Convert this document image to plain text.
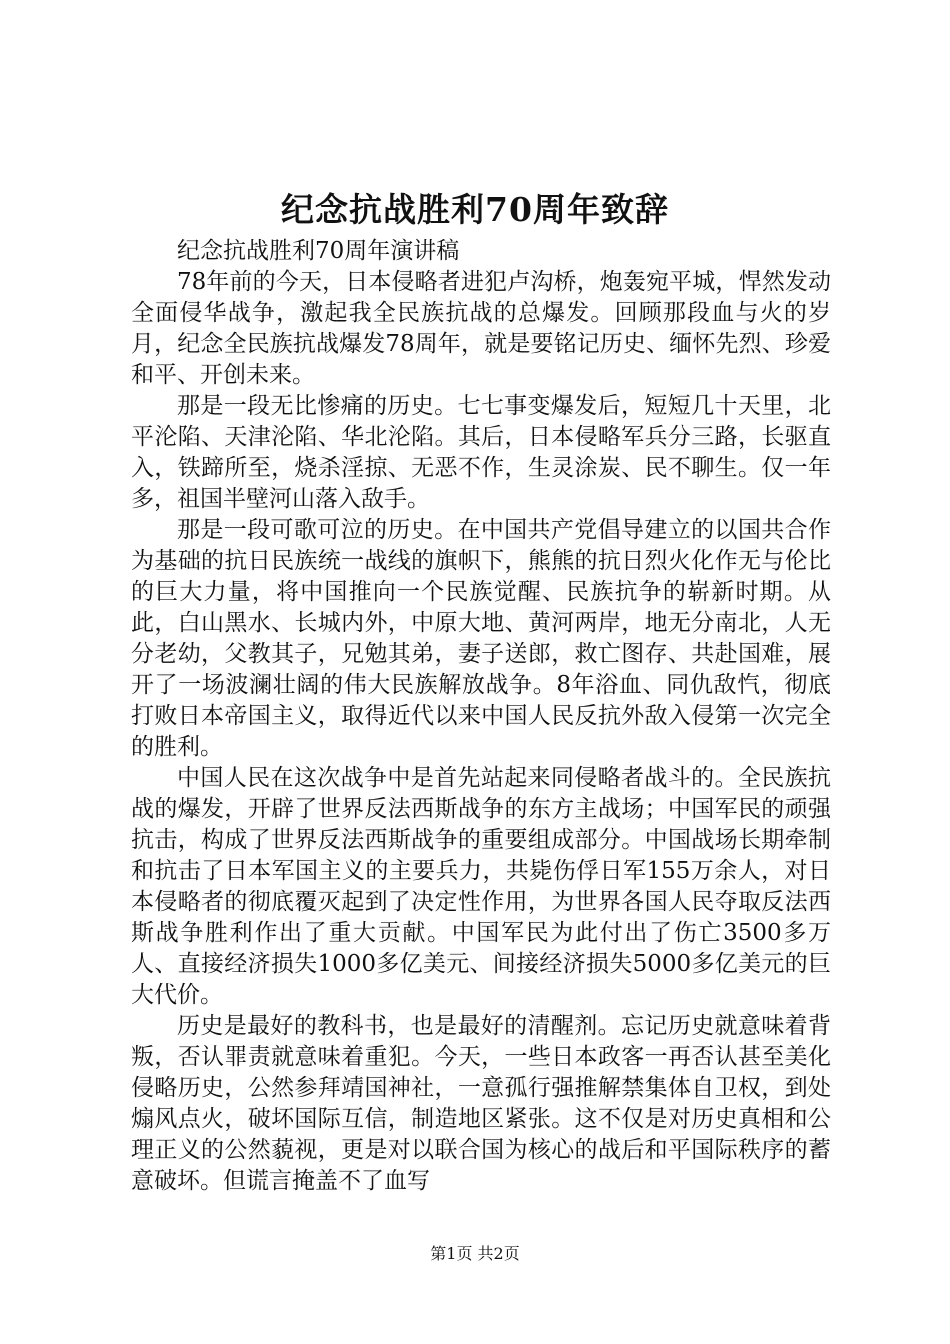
纪念抗战胜利70周年致辞

纪念抗战胜利70周年演讲稿

78年前的今天，日本侵略者进犯卢沟桥，炮轰宛平城，悍然发动全面侵华战争，激起我全民族抗战的总爆发。回顾那段血与火的岁月，纪念全民族抗战爆发78周年，就是要铭记历史、缅怀先烈、珍爱和平、开创未来。

那是一段无比惨痛的历史。七七事变爆发后，短短几十天里，北平沦陷、天津沦陷、华北沦陷。其后，日本侵略军兵分三路，长驱直入，铁蹄所至，烧杀淫掠、无恶不作，生灵涂炭、民不聊生。仅一年多，祖国半壁河山落入敌手。

那是一段可歌可泣的历史。在中国共产党倡导建立的以国共合作为基础的抗日民族统一战线的旗帜下，熊熊的抗日烈火化作无与伦比的巨大力量，将中国推向一个民族觉醒、民族抗争的崭新时期。从此，白山黑水、长城内外，中原大地、黄河两岸，地无分南北，人无分老幼，父教其子，兄勉其弟，妻子送郎，救亡图存、共赴国难，展开了一场波澜壮阔的伟大民族解放战争。8年浴血、同仇敌忾，彻底打败日本帝国主义，取得近代以来中国人民反抗外敌入侵第一次完全的胜利。

中国人民在这次战争中是首先站起来同侵略者战斗的。全民族抗战的爆发，开辟了世界反法西斯战争的东方主战场；中国军民的顽强抗击，构成了世界反法西斯战争的重要组成部分。中国战场长期牵制和抗击了日本军国主义的主要兵力，共毙伤俘日军155万余人，对日本侵略者的彻底覆灭起到了决定性作用，为世界各国人民夺取反法西斯战争胜利作出了重大贡献。中国军民为此付出了伤亡3500多万人、直接经济损失1000多亿美元、间接经济损失5000多亿美元的巨大代价。

历史是最好的教科书，也是最好的清醒剂。忘记历史就意味着背叛，否认罪责就意味着重犯。今天，一些日本政客一再否认甚至美化侵略历史，公然参拜靖国神社，一意孤行强推解禁集体自卫权，到处煽风点火，破坏国际互信，制造地区紧张。这不仅是对历史真相和公理正义的公然藐视，更是对以联合国为核心的战后和平国际秩序的蓄意破坏。但谎言掩盖不了血写

第1页 共2页
